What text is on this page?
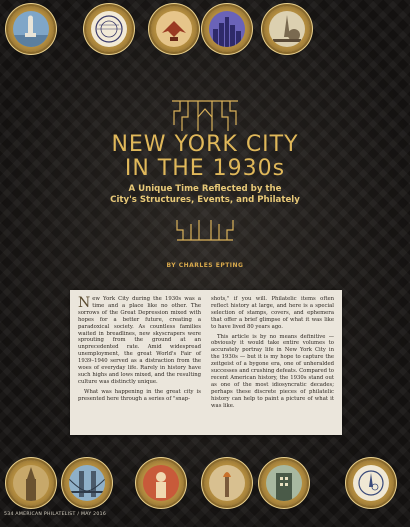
NEW YORK CITY
IN THE 1930s
A Unique Time Reflected by the
City's Structures, Events, and Philately
BY CHARLES EPTING

New York City during the 1930s was a time and a place like no other. The sorrows of the Great Depression mixed with hopes for a better future, creating a paradoxical society. As countless families waited in breadlines, new skyscrapers were sprouting from the ground at an unprecedented rate. Amid widespread unemployment, the great World's Fair of 1939–1940 served as a distraction from the woes of everyday life. Rarely in history have such highs and lows mixed, and the resulting culture was distinctly unique.

What was happening in the great city is presented here through a series of "snap-

shots," if you will. Philatelic items often reflect history at large, and here is a special selection of stamps, covers, and ephemera that offer a brief glimpse of what it was like to have lived 80 years ago.

This article is by no means definitive — obviously it would take entire volumes to accurately portray life in New York City in the 1930s — but it is my hope to capture the zeitgeist of a bygone era, one of unheralded successes and crushing defeats. Compared to recent American history, the 1930s stand out as one of the most idiosyncratic decades; perhaps these discrete pieces of philatelic history can help to paint a picture of what it was like.

534 AMERICAN PHILATELIST / MAY 2016
